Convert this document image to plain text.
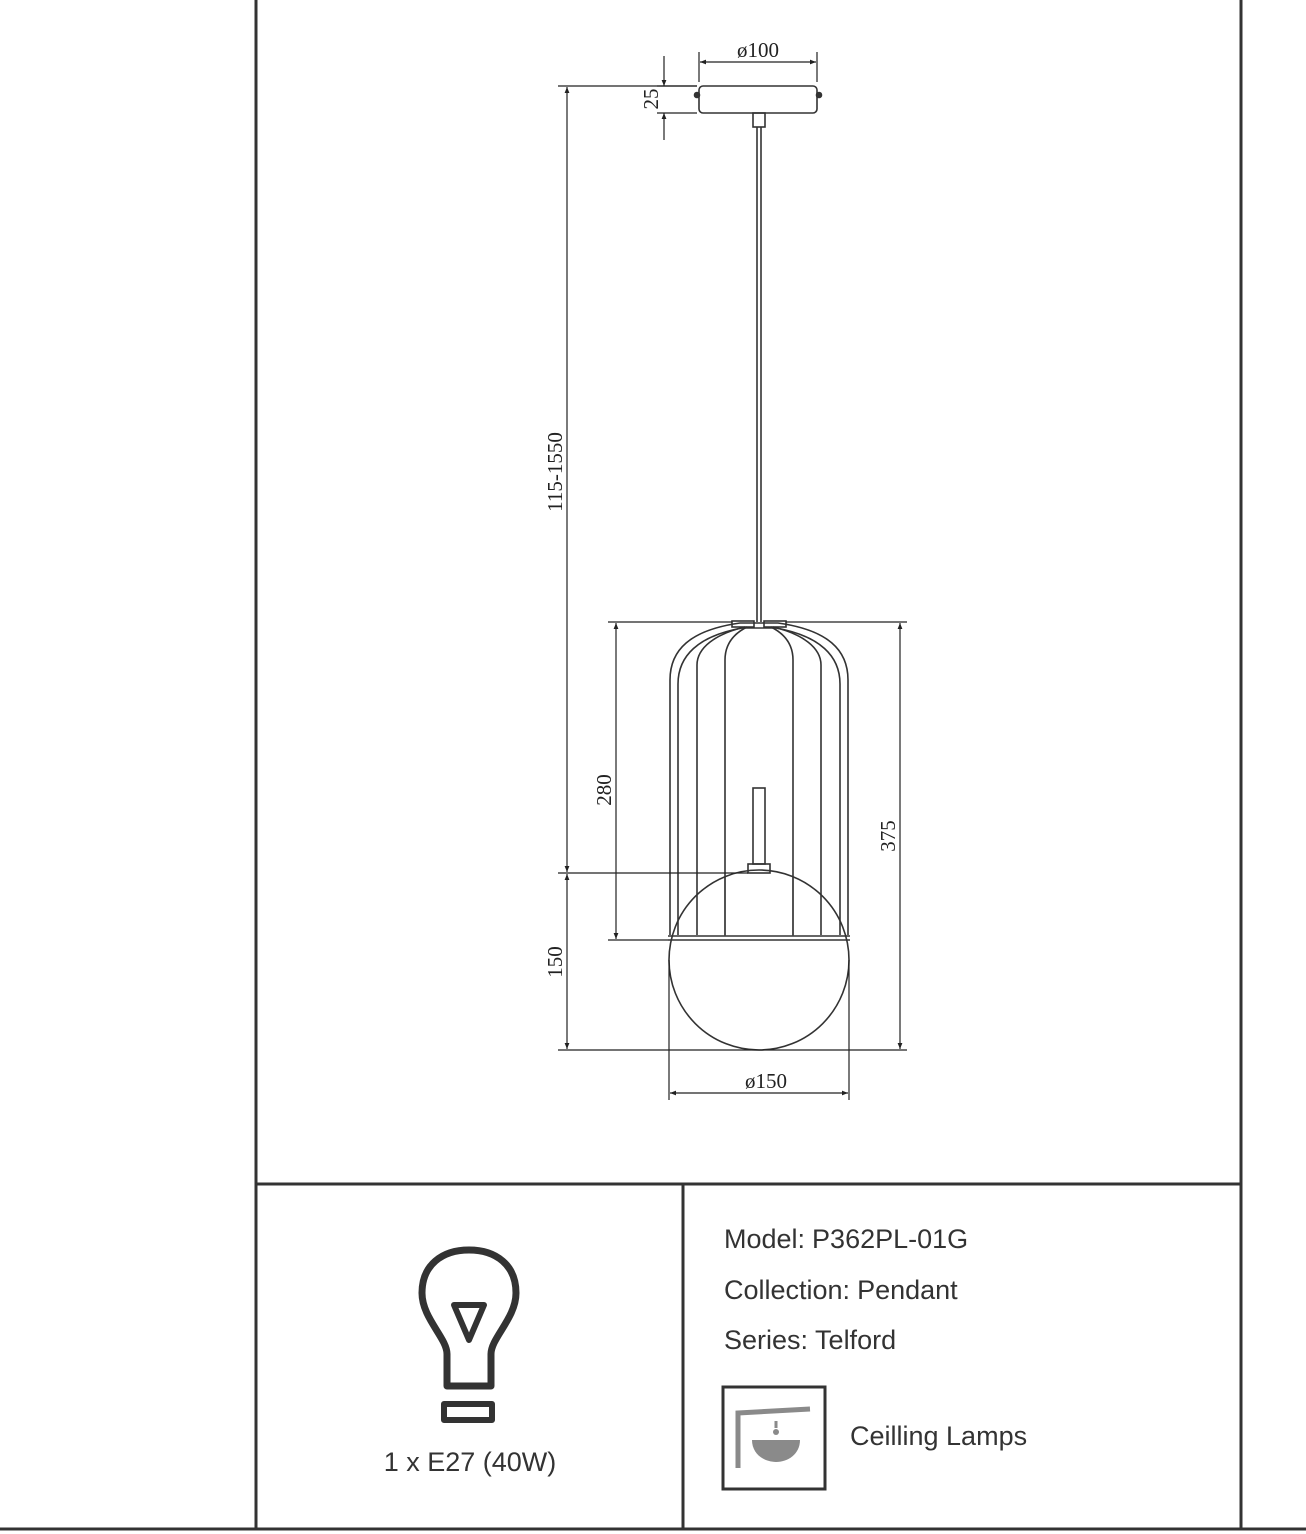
ø100
25
115-1550
280
375
150
ø150
1 x E27 (40W)
Model: P362PL-01G
Collection: Pendant
Series: Telford
Ceilling Lamps
